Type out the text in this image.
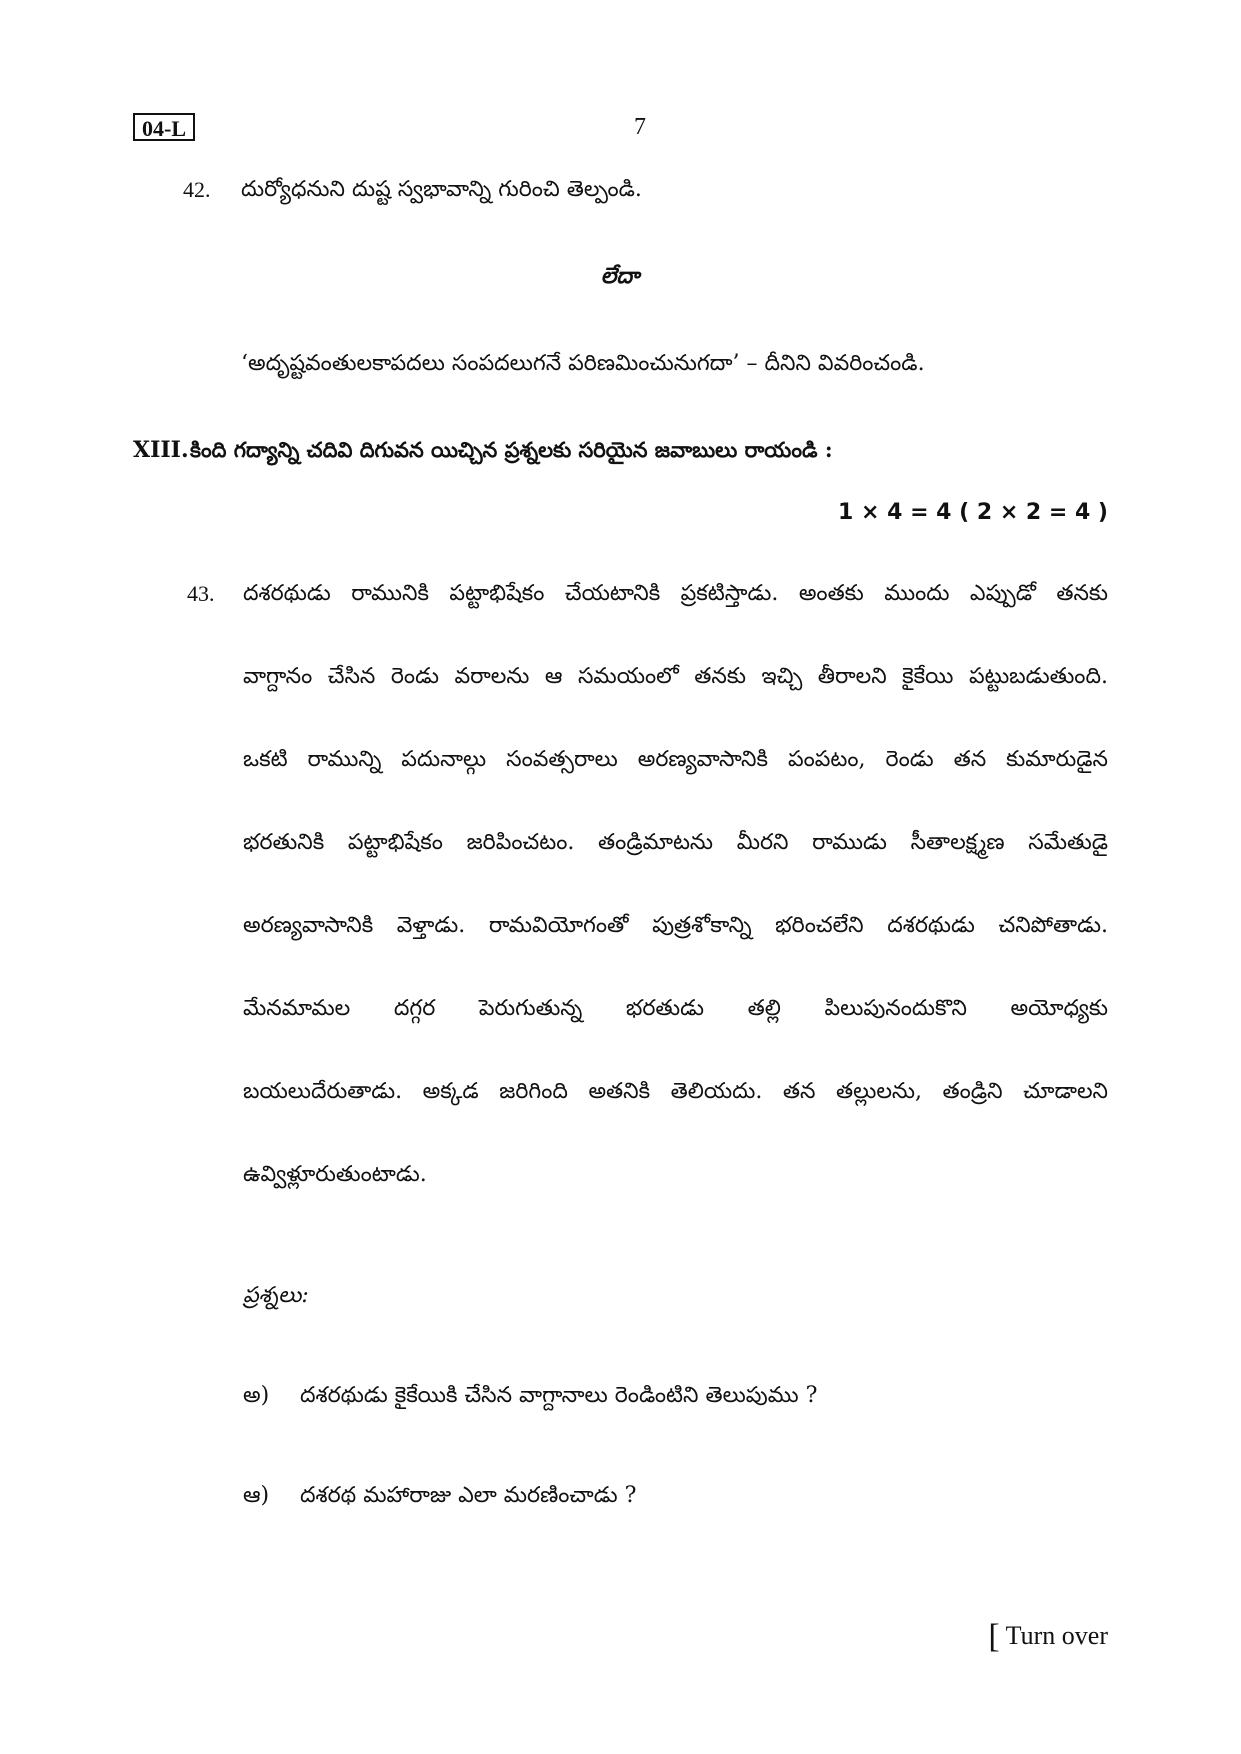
04-L	7
42. దుర్యోధనుని దుష్ట స్వభావాన్ని గురించి తెల్పండి.
లేదా
‘అదృష్టవంతులకాపదలు సంపదలుగనే పరిణమించునుగదా’ – దీనిని వివరించండి.
XIII. కింది గద్యాన్ని చదివి దిగువన యిచ్చిన ప్రశ్నలకు సరియైన జవాబులు రాయండి :
1 × 4 = 4 ( 2 × 2 = 4 )
43. దశరథుడు రామునికి పట్టాభిషేకం చేయటానికి ప్రకటిస్తాడు. అంతకు ముందు ఎప్పుడో తనకు
వాగ్దానం చేసిన రెండు వరాలను ఆ సమయంలో తనకు ఇచ్చి తీరాలని కైకేయి పట్టుబడుతుంది.
ఒకటి రామున్ని పదునాల్గు సంవత్సరాలు అరణ్యవాసానికి పంపటం, రెండు తన కుమారుడైన
భరతునికి పట్టాభిషేకం జరిపించటం. తండ్రిమాటను మీరని రాముడు సీతాలక్ష్మణ సమేతుడై
అరణ్యవాసానికి వెళ్తాడు. రామవియోగంతో పుత్రశోకాన్ని భరించలేని దశరథుడు చనిపోతాడు.
మేనమామల దగ్గర పెరుగుతున్న భరతుడు తల్లి పిలుపునందుకొని అయోధ్యకు
బయలుదేరుతాడు. అక్కడ జరిగింది అతనికి తెలియదు. తన తల్లులను, తండ్రిని చూడాలని
ఉవ్విళ్లూరుతుంటాడు.
ప్రశ్నలు:
అ) దశరథుడు కైకేయికి చేసిన వాగ్దానాలు రెండింటిని తెలుపుము ?
ఆ) దశరథ మహారాజు ఎలా మరణించాడు ?
[ Turn over
